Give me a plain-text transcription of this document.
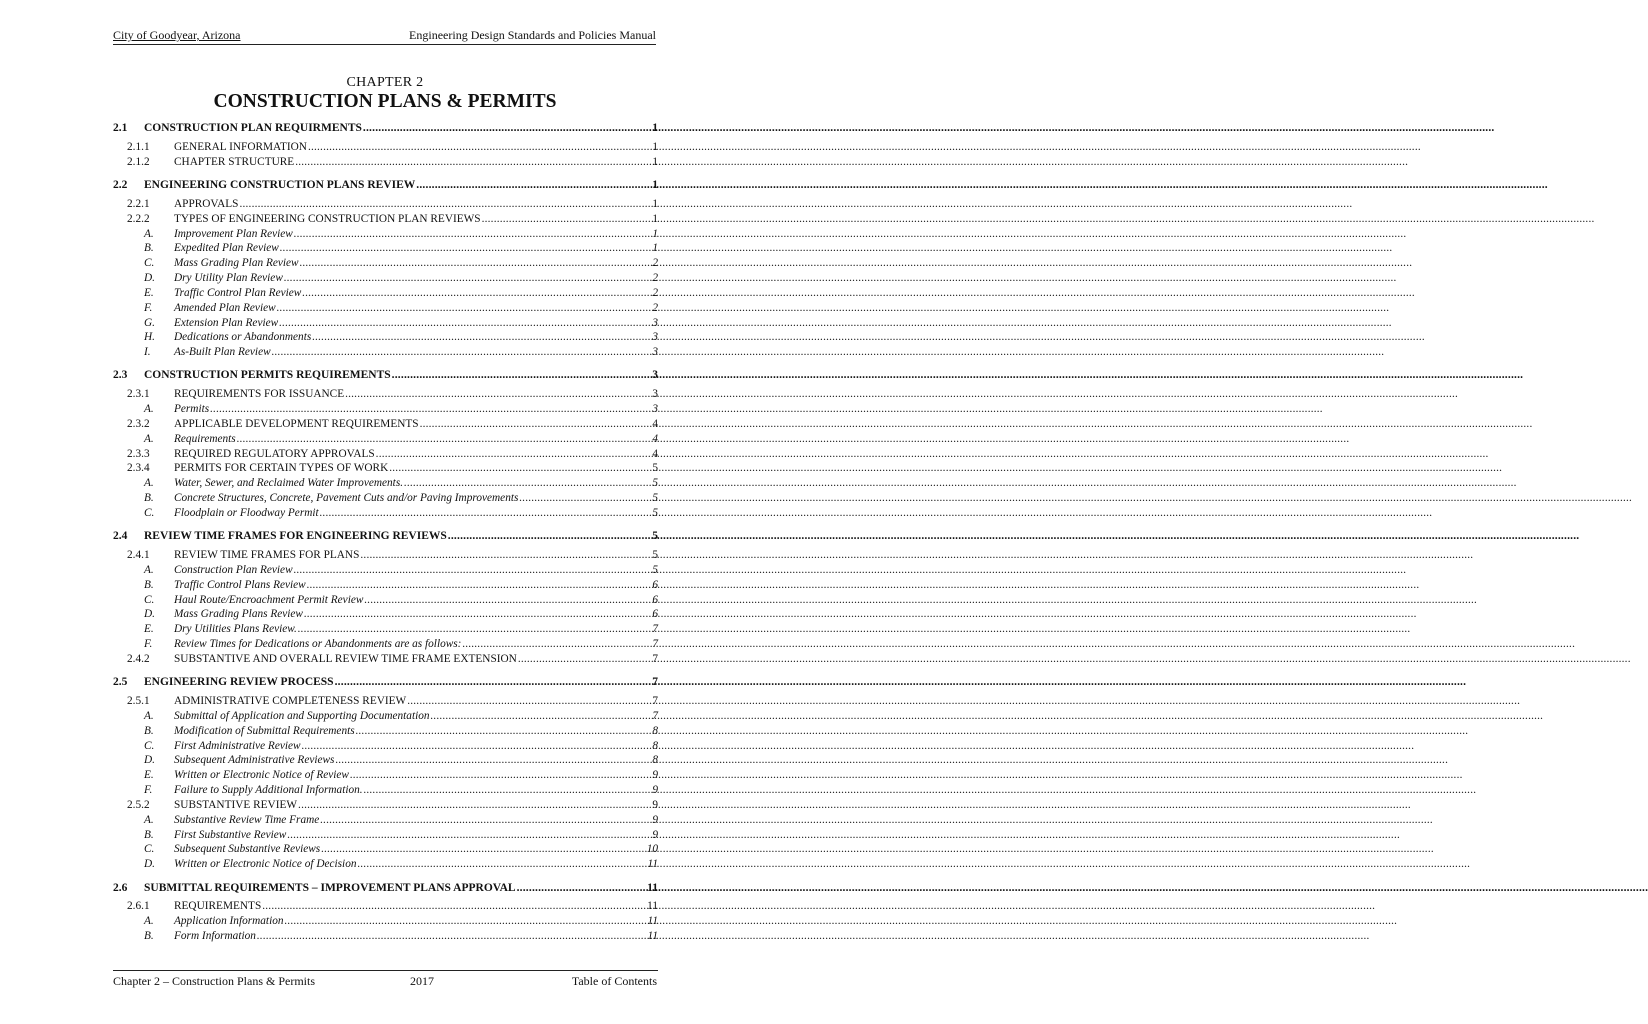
City of Goodyear, Arizona	Engineering Design Standards and Policies Manual
CHAPTER 2
CONSTRUCTION PLANS & PERMITS
2.1	CONSTRUCTION PLAN REQUIRMENTS .....	1
2.1.1	GENERAL INFORMATION .....	1
2.1.2	CHAPTER STRUCTURE .....	1
2.2	ENGINEERING CONSTRUCTION PLANS REVIEW .....	1
2.2.1	APPROVALS .....	1
2.2.2	TYPES OF ENGINEERING CONSTRUCTION PLAN REVIEWS .....	1
A.	Improvement Plan Review .....	1
B.	Expedited Plan Review .....	1
C.	Mass Grading Plan Review .....	2
D.	Dry Utility Plan Review .....	2
E.	Traffic Control Plan Review .....	2
F.	Amended Plan Review .....	2
G.	Extension Plan Review .....	3
H.	Dedications or Abandonments .....	3
I.	As-Built Plan Review .....	3
2.3	CONSTRUCTION PERMITS REQUIREMENTS .....	3
2.3.1	REQUIREMENTS FOR ISSUANCE .....	3
A.	Permits .....	3
2.3.2	APPLICABLE DEVELOPMENT REQUIREMENTS .....	4
A.	Requirements .....	4
2.3.3	REQUIRED REGULATORY APPROVALS .....	4
2.3.4	PERMITS FOR CERTAIN TYPES OF WORK .....	5
A.	Water, Sewer, and Reclaimed Water Improvements. .....	5
B.	Concrete Structures, Concrete, Pavement Cuts and/or Paving Improvements .....	5
C.	Floodplain or Floodway Permit .....	5
2.4	REVIEW TIME FRAMES FOR ENGINEERING REVIEWS .....	5
2.4.1	REVIEW TIME FRAMES FOR PLANS .....	5
A.	Construction Plan Review .....	5
B.	Traffic Control Plans Review .....	6
C.	Haul Route/Encroachment Permit Review .....	6
D.	Mass Grading Plans Review .....	6
E.	Dry Utilities Plans Review. .....	7
F.	Review Times for Dedications or Abandonments are as follows: .....	7
2.4.2	SUBSTANTIVE AND OVERALL REVIEW TIME FRAME EXTENSION .....	7
2.5	ENGINEERING REVIEW PROCESS .....	7
2.5.1	ADMINISTRATIVE COMPLETENESS REVIEW .....	7
A.	Submittal of Application and Supporting Documentation .....	7
B.	Modification of Submittal Requirements .....	8
C.	First Administrative Review .....	8
D.	Subsequent Administrative Reviews .....	8
E.	Written or Electronic Notice of Review .....	9
F.	Failure to Supply Additional Information. .....	9
2.5.2	SUBSTANTIVE REVIEW .....	9
A.	Substantive Review Time Frame .....	9
B.	First Substantive Review .....	9
C.	Subsequent Substantive Reviews .....	10
D.	Written or Electronic Notice of Decision .....	11
2.6	SUBMITTAL REQUIREMENTS – IMPROVEMENT PLANS APPROVAL .....	11
2.6.1	REQUIREMENTS .....	11
A.	Application Information .....	11
B.	Form Information .....	11
Chapter 2 – Construction Plans & Permits	2017	Table of Contents
